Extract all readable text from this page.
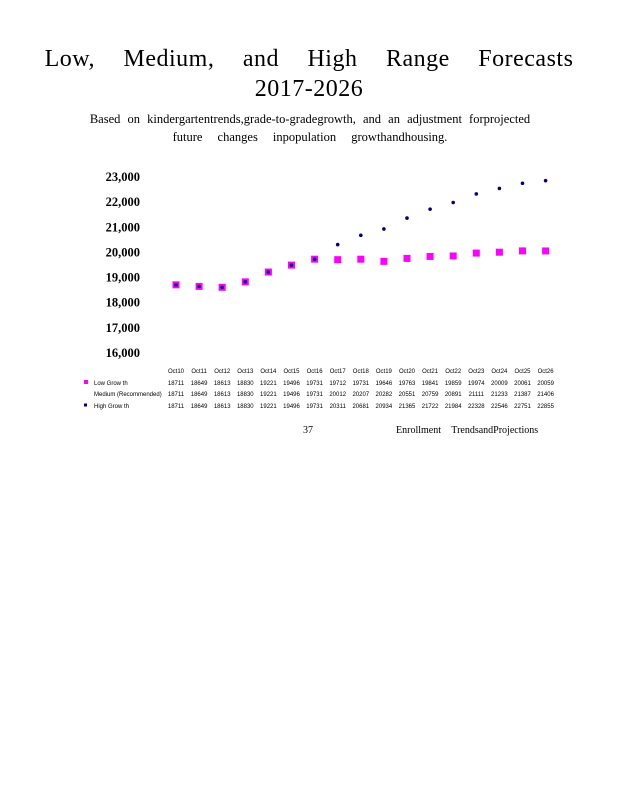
Low, Medium, and High Range Forecasts
2017-2026
Based on kindergartentrends,grade-to-gradegrowth, and an adjustment forprojected
future changes inpopulation growthandhousing.
23,000
22,000
21,000
20,000
19,000
18,000
17,000
16,000
Oct10 Oct11 Oct12 Oct13 Oct14 Oct15 Oct16 Oct17 Oct18 Oct19 Oct20 Oct21 Oct22 Oct23 Oct24 Oct25 Oct26
Low Grow th	18711 18649 18613 18830 19221 19496 19731 19712 19731 19646 19763 19841 19859 19974 20009 20061 20059
Medium (Recommended) 18711 18649 18613 18830 19221 19496 19731 20012 20207 20282 20551 20759 20891 21111 21233 21387 21406
High Grow th	18711 18649 18613 18830 19221 19496 19731 20311 20681 20934 21365 21722 21984 22328 22546 22751 22855
37	Enrollment TrendsandProjections
